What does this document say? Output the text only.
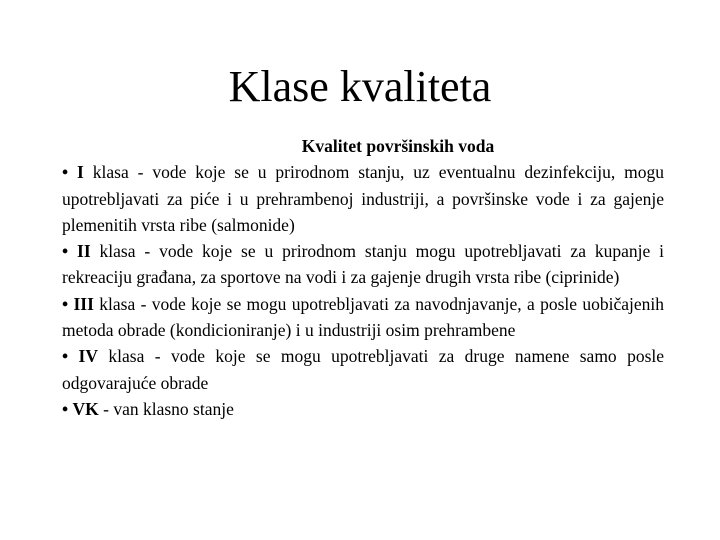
Klase kvaliteta

Kvalitet površinskih voda

• I klasa - vode koje se u prirodnom stanju, uz eventualnu dezinfekciju, mogu upotrebljavati za piće i u prehrambenoj industriji, a površinske vode i za gajenje plemenitih vrsta ribe (salmonide)

• II klasa - vode koje se u prirodnom stanju mogu upotrebljavati za kupanje i rekreaciju građana, za sportove na vodi i za gajenje drugih vrsta ribe (ciprinide)

• III klasa - vode koje se mogu upotrebljavati za navodnjavanje, a posle uobičajenih metoda obrade (kondicioniranje) i u industriji osim prehrambene

• IV klasa - vode koje se mogu upotrebljavati za druge namene samo posle odgovarajuće obrade

• VK - van klasno stanje
